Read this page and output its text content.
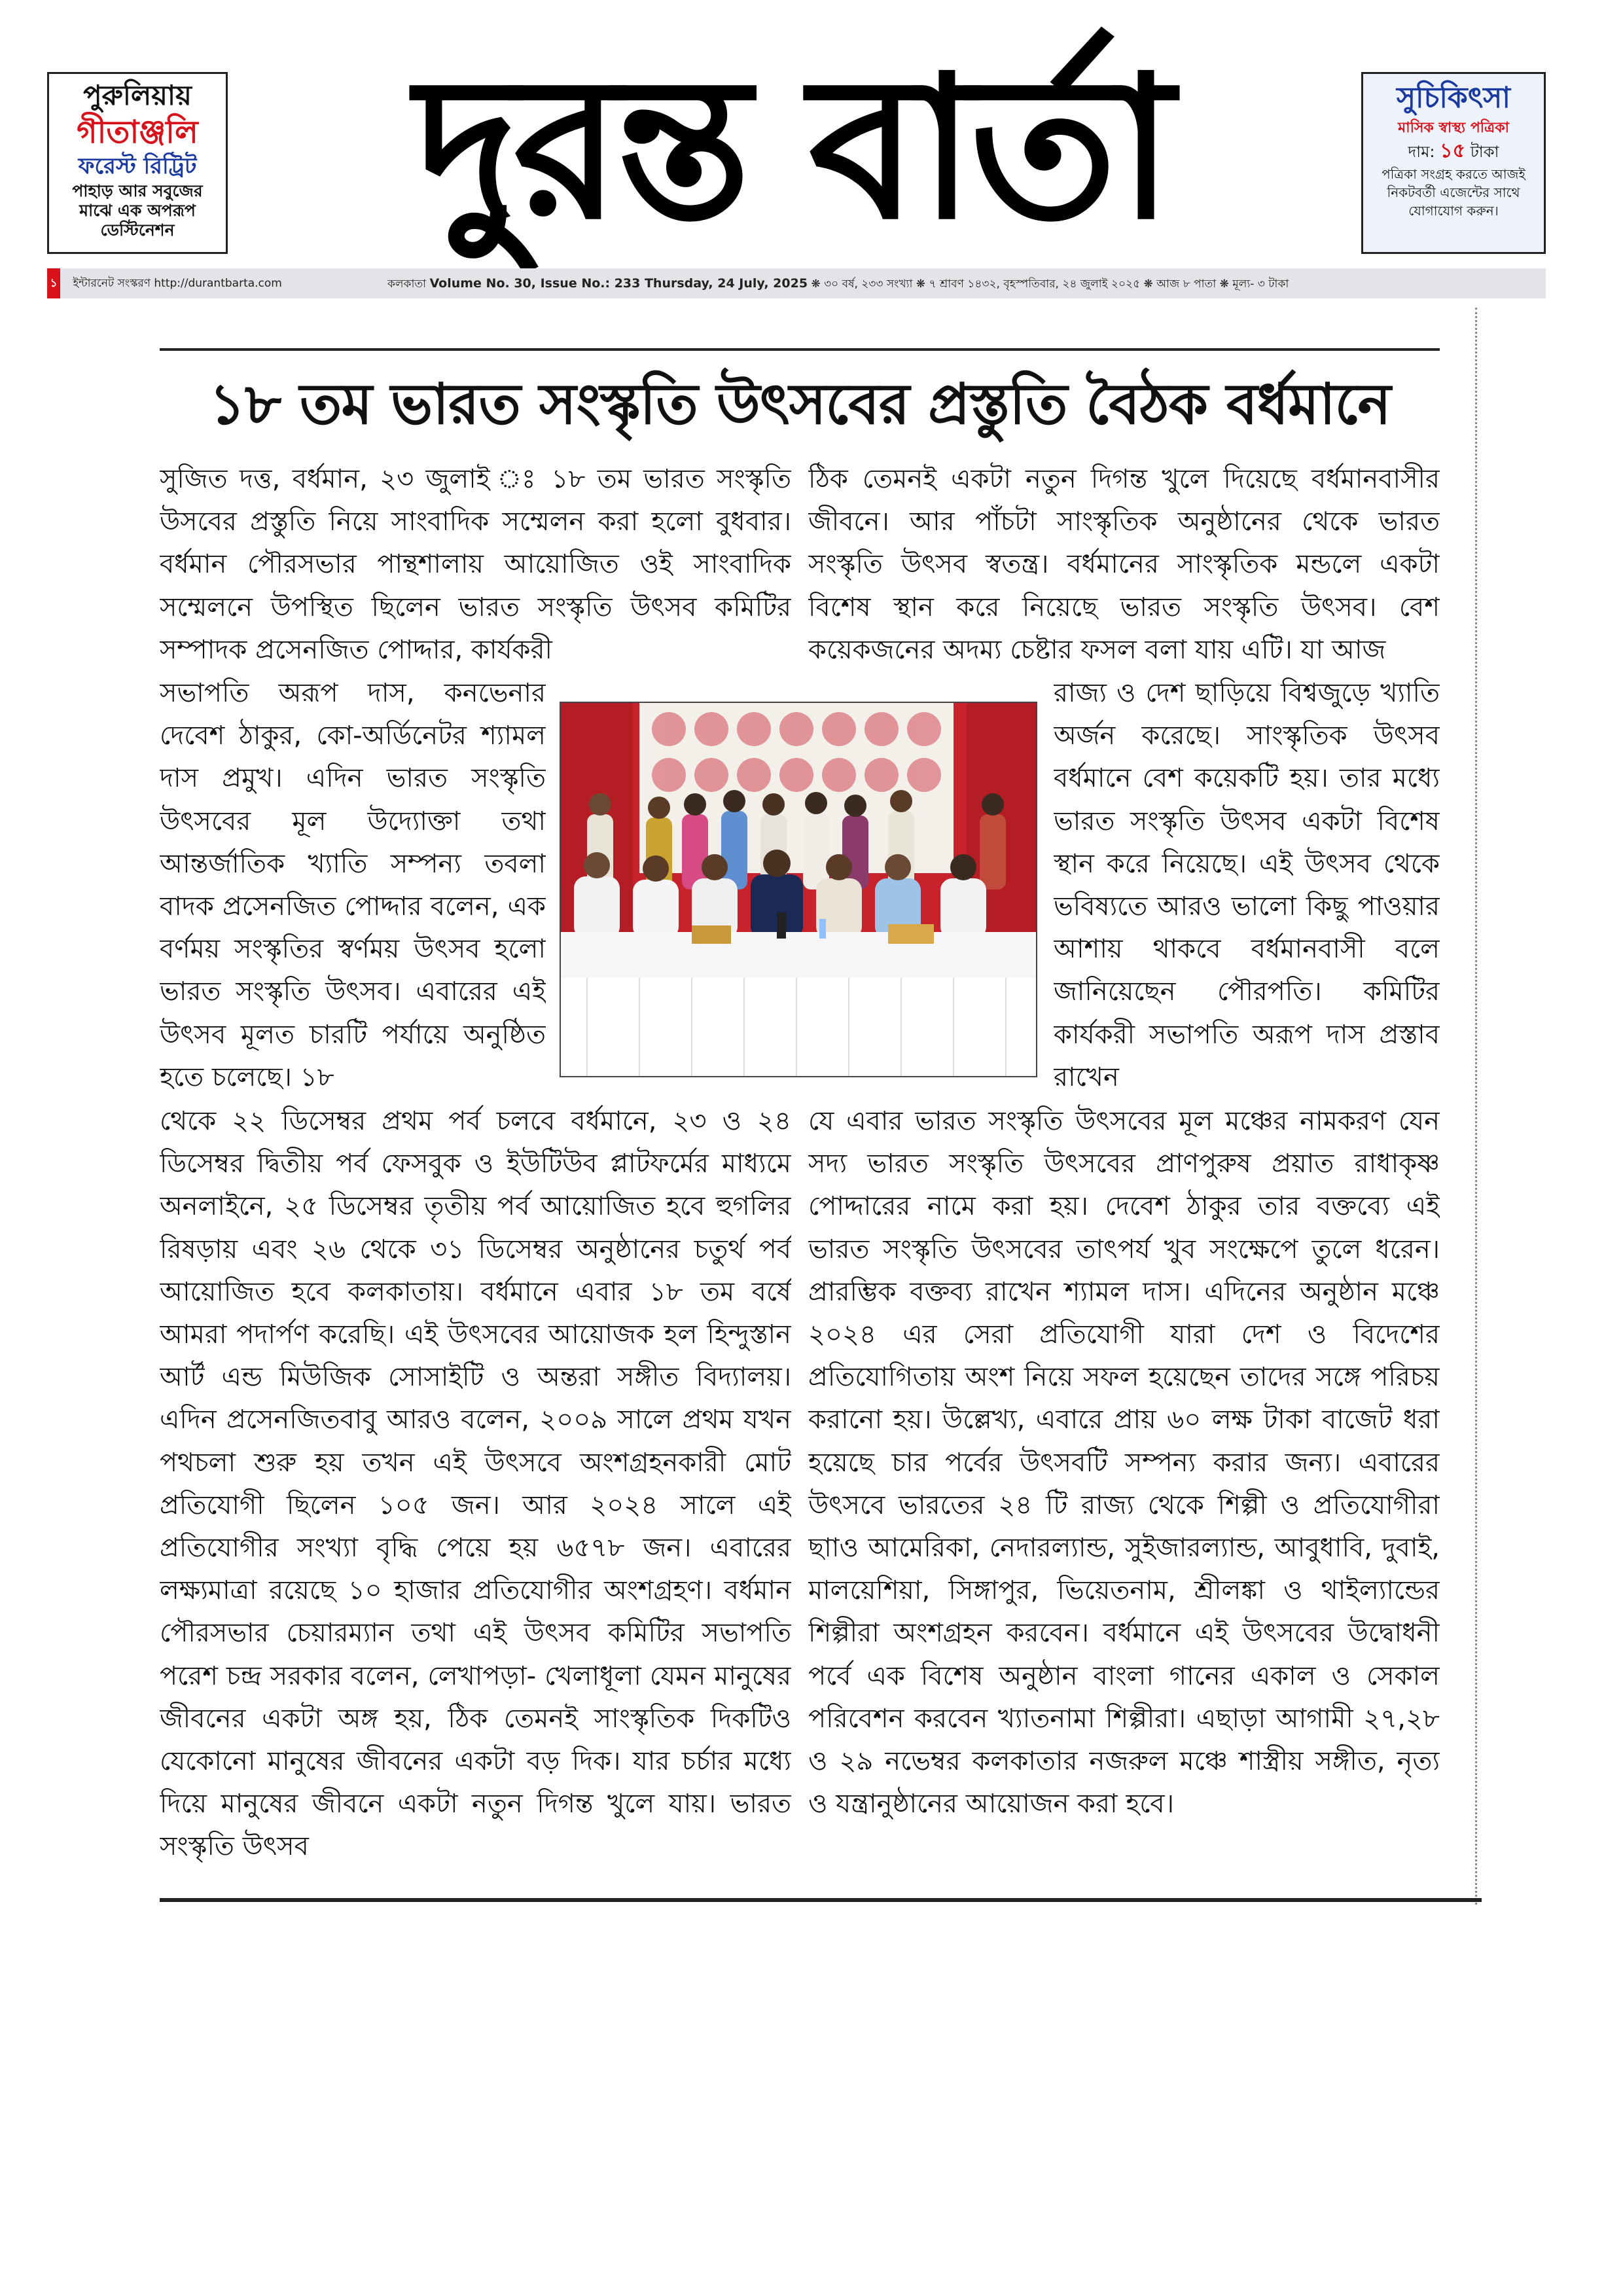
পুরুলিয়ায়
গীতাঞ্জলি
ফরেস্ট রিট্রিট
পাহাড় আর সবুজের মাঝে এক অপরূপ ডেস্টিনেশন	দুরন্ত বার্তা	সুচিকিৎসা
মাসিক স্বাস্থ্য পত্রিকা
দাম: ১৫ টাকা
পত্রিকা সংগ্রহ করতে আজই নিকটবর্তী এজেন্টের সাথে যোগাযোগ করুন।
১ ইন্টারনেট সংস্করণ http://durantbarta.com	কলকাতা Volume No. 30, Issue No.: 233 Thursday, 24 July, 2025 ❋ ৩০ বর্ষ, ২৩৩ সংখ্যা ❋ ৭ শ্রাবণ ১৪৩২, বৃহস্পতিবার, ২৪ জুলাই ২০২৫ ❋ আজ ৮ পাতা ❋ মূল্য- ৩ টাকা
১৮ তম ভারত সংস্কৃতি উৎসবের প্রস্তুতি বৈঠক বর্ধমানে

সুজিত দত্ত, বর্ধমান, ২৩ জুলাই ঃ ১৮ তম ভারত সংস্কৃতি উসবের প্রস্তুতি নিয়ে সাংবাদিক সম্মেলন করা হলো বুধবার। বর্ধমান পৌরসভার পান্থশালায় আয়োজিত ওই সাংবাদিক সম্মেলনে উপস্থিত ছিলেন ভারত সংস্কৃতি উৎসব কমিটির সম্পাদক প্রসেনজিত পোদ্দার, কার্যকরী

সভাপতি অরূপ দাস, কনভেনার দেবেশ ঠাকুর, কো-অর্ডিনেটর শ্যামল দাস প্রমুখ। এদিন ভারত সংস্কৃতি উৎসবের মূল উদ্যোক্তা তথা আন্তর্জাতিক খ্যাতি সম্পন্য তবলা বাদক প্রসেনজিত পোদ্দার বলেন, এক বর্ণময় সংস্কৃতির স্বর্ণময় উৎসব হলো ভারত সংস্কৃতি উৎসব। এবারের এই উৎসব মূলত চারটি পর্যায়ে অনুষ্ঠিত হতে চলেছে। ১৮

থেকে ২২ ডিসেম্বর প্রথম পর্ব চলবে বর্ধমানে, ২৩ ও ২৪ ডিসেম্বর দ্বিতীয় পর্ব ফেসবুক ও ইউটিউব প্লাটফর্মের মাধ্যমে অনলাইনে, ২৫ ডিসেম্বর তৃতীয় পর্ব আয়োজিত হবে হুগলির রিষড়ায় এবং ২৬ থেকে ৩১ ডিসেম্বর অনুষ্ঠানের চতুর্থ পর্ব আয়োজিত হবে কলকাতায়। বর্ধমানে এবার ১৮ তম বর্ষে আমরা পদার্পণ করেছি। এই উৎসবের আয়োজক হল হিন্দুস্তান আর্ট এন্ড মিউজিক সোসাইটি ও অন্তরা সঙ্গীত বিদ্যালয়। এদিন প্রসেনজিতবাবু আরও বলেন, ২০০৯ সালে প্রথম যখন পথচলা শুরু হয় তখন এই উৎসবে অংশগ্রহনকারী মোট প্রতিযোগী ছিলেন ১০৫ জন। আর ২০২৪ সালে এই প্রতিযোগীর সংখ্যা বৃদ্ধি পেয়ে হয় ৬৫৭৮ জন। এবারের লক্ষ্যমাত্রা রয়েছে ১০ হাজার প্রতিযোগীর অংশগ্রহণ। বর্ধমান পৌরসভার চেয়ারম্যান তথা এই উৎসব কমিটির সভাপতি পরেশ চন্দ্র সরকার বলেন, লেখাপড়া- খেলাধূলা যেমন মানুষের জীবনের একটা অঙ্গ হয়, ঠিক তেমনই সাংস্কৃতিক দিকটিও যেকোনো মানুষের জীবনের একটা বড় দিক। যার চর্চার মধ্যে দিয়ে মানুষের জীবনে একটা নতুন দিগন্ত খুলে যায়। ভারত সংস্কৃতি উৎসব

ঠিক তেমনই একটা নতুন দিগন্ত খুলে দিয়েছে বর্ধমানবাসীর জীবনে। আর পাঁচটা সাংস্কৃতিক অনুষ্ঠানের থেকে ভারত সংস্কৃতি উৎসব স্বতন্ত্র। বর্ধমানের সাংস্কৃতিক মন্ডলে একটা বিশেষ স্থান করে নিয়েছে ভারত সংস্কৃতি উৎসব। বেশ কয়েকজনের অদম্য চেষ্টার ফসল বলা যায় এটি। যা আজ

রাজ্য ও দেশ ছাড়িয়ে বিশ্বজুড়ে খ্যাতি অর্জন করেছে। সাংস্কৃতিক উৎসব বর্ধমানে বেশ কয়েকটি হয়। তার মধ্যে ভারত সংস্কৃতি উৎসব একটা বিশেষ স্থান করে নিয়েছে। এই উৎসব থেকে ভবিষ্যতে আরও ভালো কিছু পাওয়ার আশায় থাকবে বর্ধমানবাসী বলে জানিয়েছেন পৌরপতি। কমিটির কার্যকরী সভাপতি অরূপ দাস প্রস্তাব রাখেন

যে এবার ভারত সংস্কৃতি উৎসবের মূল মঞ্চের নামকরণ যেন সদ্য ভারত সংস্কৃতি উৎসবের প্রাণপুরুষ প্রয়াত রাধাকৃষ্ণ পোদ্দারের নামে করা হয়। দেবেশ ঠাকুর তার বক্তব্যে এই ভারত সংস্কৃতি উৎসবের তাৎপর্য খুব সংক্ষেপে তুলে ধরেন। প্রারম্ভিক বক্তব্য রাখেন শ্যামল দাস। এদিনের অনুষ্ঠান মঞ্চে ২০২৪ এর সেরা প্রতিযোগী যারা দেশ ও বিদেশের প্রতিযোগিতায় অংশ নিয়ে সফল হয়েছেন তাদের সঙ্গে পরিচয় করানো হয়। উল্লেখ্য, এবারে প্রায় ৬০ লক্ষ টাকা বাজেট ধরা হয়েছে চার পর্বের উৎসবটি সম্পন্য করার জন্য। এবারের উৎসবে ভারতের ২৪ টি রাজ্য থেকে শিল্পী ও প্রতিযোগীরা ছাাও আমেরিকা, নেদারল্যান্ড, সুইজারল্যান্ড, আবুধাবি, দুবাই, মালয়েশিয়া, সিঙ্গাপুর, ভিয়েতনাম, শ্রীলঙ্কা ও থাইল্যান্ডের শিল্পীরা অংশগ্রহন করবেন। বর্ধমানে এই উৎসবের উদ্বোধনী পর্বে এক বিশেষ অনুষ্ঠান বাংলা গানের একাল ও সেকাল পরিবেশন করবেন খ্যাতনামা শিল্পীরা। এছাড়া আগামী ২৭,২৮ ও ২৯ নভেম্বর কলকাতার নজরুল মঞ্চে শাস্ত্রীয় সঙ্গীত, নৃত্য ও যন্ত্রানুষ্ঠানের আয়োজন করা হবে।
